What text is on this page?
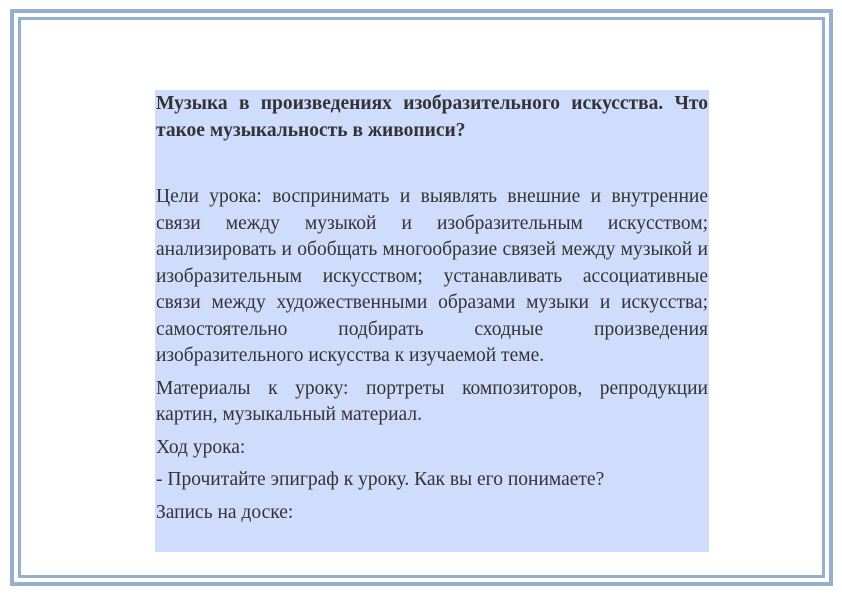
Музыка в произведениях изобразительного искусства. Что такое музыкальность в живописи?

Цели урока: воспринимать и выявлять внешние и внутренние связи между музыкой и изобразительным искусством; анализировать и обобщать многообразие связей между музыкой и изобразительным искусством; устанавливать ассоциативные связи между художественными образами музыки и искусства; самостоятельно подбирать сходные произведения изобразительного искусства к изучаемой теме.

Материалы к уроку: портреты композиторов, репродукции картин, музыкальный материал.

Ход урока:

- Прочитайте эпиграф к уроку. Как вы его понимаете?

Запись на доске:
